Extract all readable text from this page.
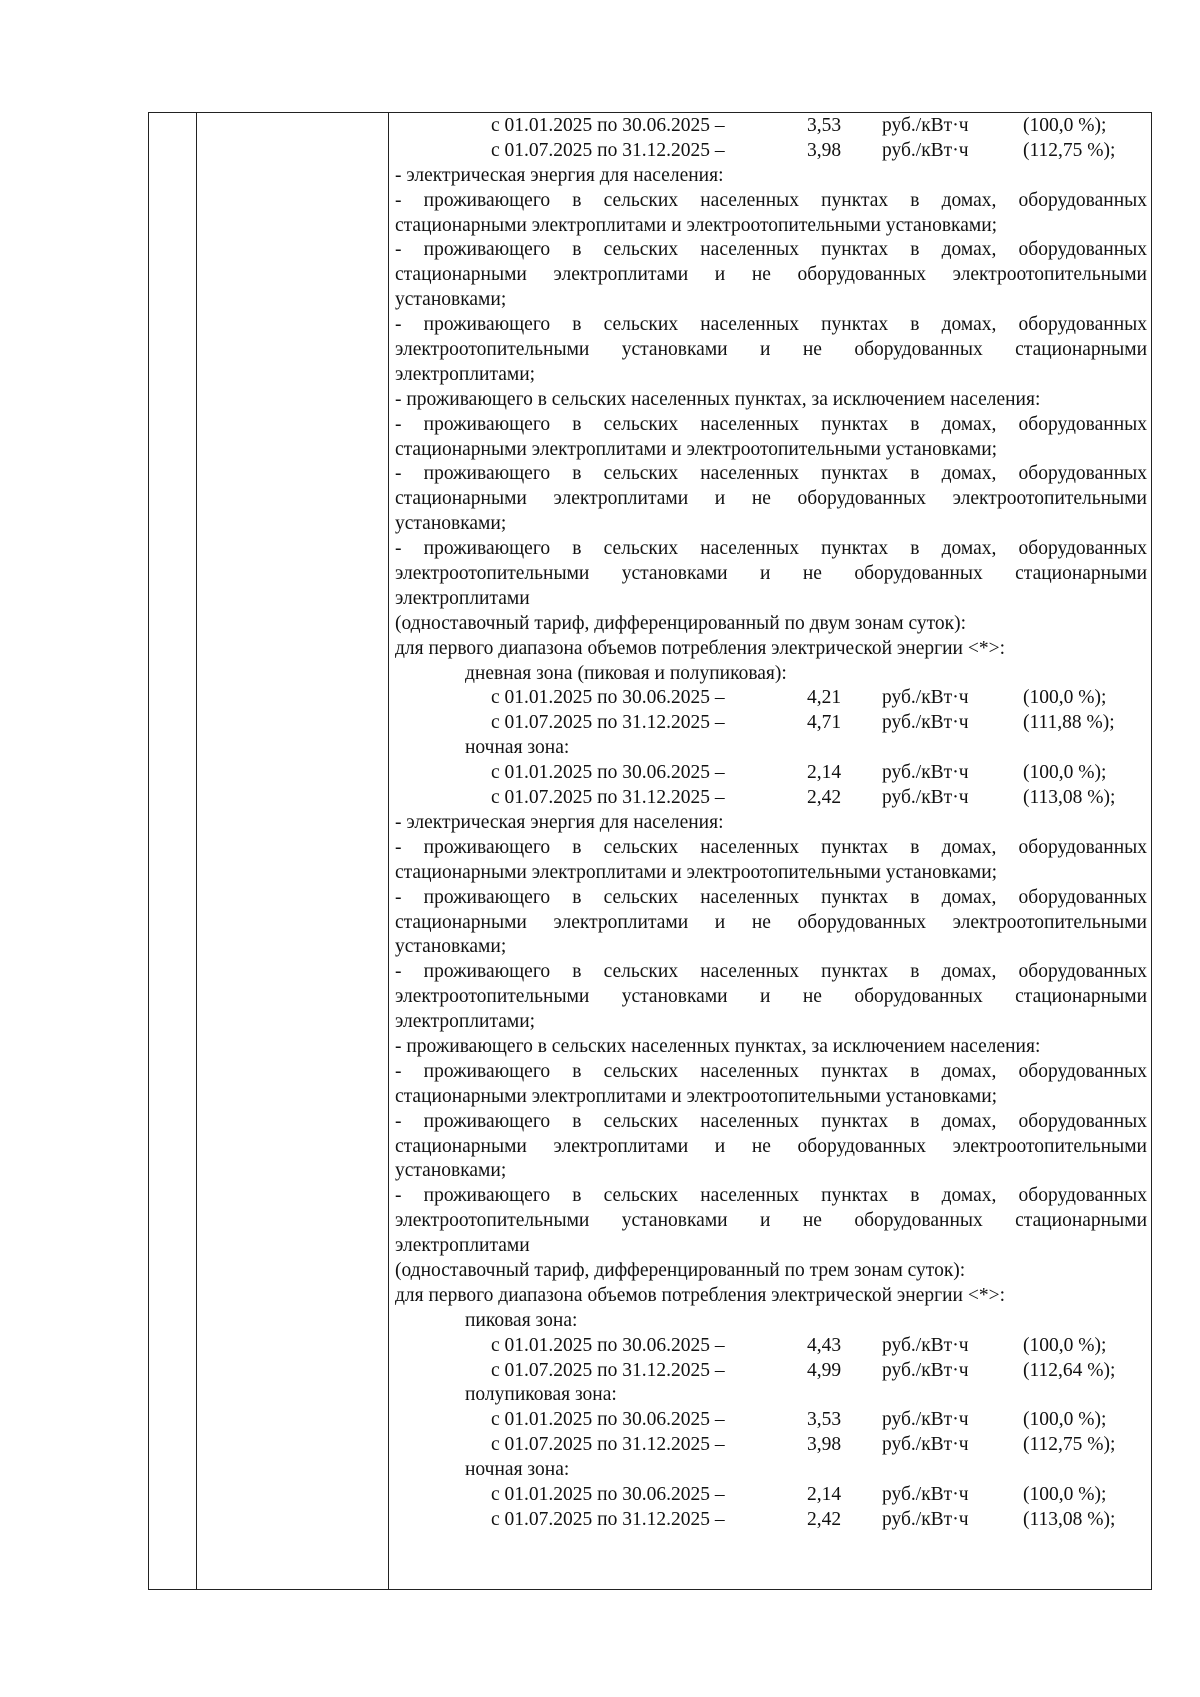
с 01.01.2025 по 30.06.2025 –	3,53 руб./кВт·ч	(100,0 %);
с 01.07.2025 по 31.12.2025 –	3,98 руб./кВт·ч	(112,75 %);
- электрическая энергия для населения:
- проживающего в сельских населенных пунктах в домах, оборудованных
стационарными электроплитами и электроотопительными установками;
- проживающего в сельских населенных пунктах в домах, оборудованных
стационарными электроплитами и не оборудованных электроотопительными
установками;
- проживающего в сельских населенных пунктах в домах, оборудованных
электроотопительными установками и не оборудованных стационарными
электроплитами;
- проживающего в сельских населенных пунктах, за исключением населения:
- проживающего в сельских населенных пунктах в домах, оборудованных
стационарными электроплитами и электроотопительными установками;
- проживающего в сельских населенных пунктах в домах, оборудованных
стационарными электроплитами и не оборудованных электроотопительными
установками;
- проживающего в сельских населенных пунктах в домах, оборудованных
электроотопительными установками и не оборудованных стационарными
электроплитами
(одноставочный тариф, дифференцированный по двум зонам суток):
для первого диапазона объемов потребления электрической энергии <*>:
дневная зона (пиковая и полупиковая):
с 01.01.2025 по 30.06.2025 –	4,21 руб./кВт·ч	(100,0 %);
с 01.07.2025 по 31.12.2025 –	4,71 руб./кВт·ч	(111,88 %);
ночная зона:
с 01.01.2025 по 30.06.2025 –	2,14 руб./кВт·ч	(100,0 %);
с 01.07.2025 по 31.12.2025 –	2,42 руб./кВт·ч	(113,08 %);
- электрическая энергия для населения:
- проживающего в сельских населенных пунктах в домах, оборудованных
стационарными электроплитами и электроотопительными установками;
- проживающего в сельских населенных пунктах в домах, оборудованных
стационарными электроплитами и не оборудованных электроотопительными
установками;
- проживающего в сельских населенных пунктах в домах, оборудованных
электроотопительными установками и не оборудованных стационарными
электроплитами;
- проживающего в сельских населенных пунктах, за исключением населения:
- проживающего в сельских населенных пунктах в домах, оборудованных
стационарными электроплитами и электроотопительными установками;
- проживающего в сельских населенных пунктах в домах, оборудованных
стационарными электроплитами и не оборудованных электроотопительными
установками;
- проживающего в сельских населенных пунктах в домах, оборудованных
электроотопительными установками и не оборудованных стационарными
электроплитами
(одноставочный тариф, дифференцированный по трем зонам суток):
для первого диапазона объемов потребления электрической энергии <*>:
пиковая зона:
с 01.01.2025 по 30.06.2025 –	4,43 руб./кВт·ч	(100,0 %);
с 01.07.2025 по 31.12.2025 –	4,99 руб./кВт·ч	(112,64 %);
полупиковая зона:
с 01.01.2025 по 30.06.2025 –	3,53 руб./кВт·ч	(100,0 %);
с 01.07.2025 по 31.12.2025 –	3,98 руб./кВт·ч	(112,75 %);
ночная зона:
с 01.01.2025 по 30.06.2025 –	2,14 руб./кВт·ч	(100,0 %);
с 01.07.2025 по 31.12.2025 –	2,42 руб./кВт·ч	(113,08 %);
